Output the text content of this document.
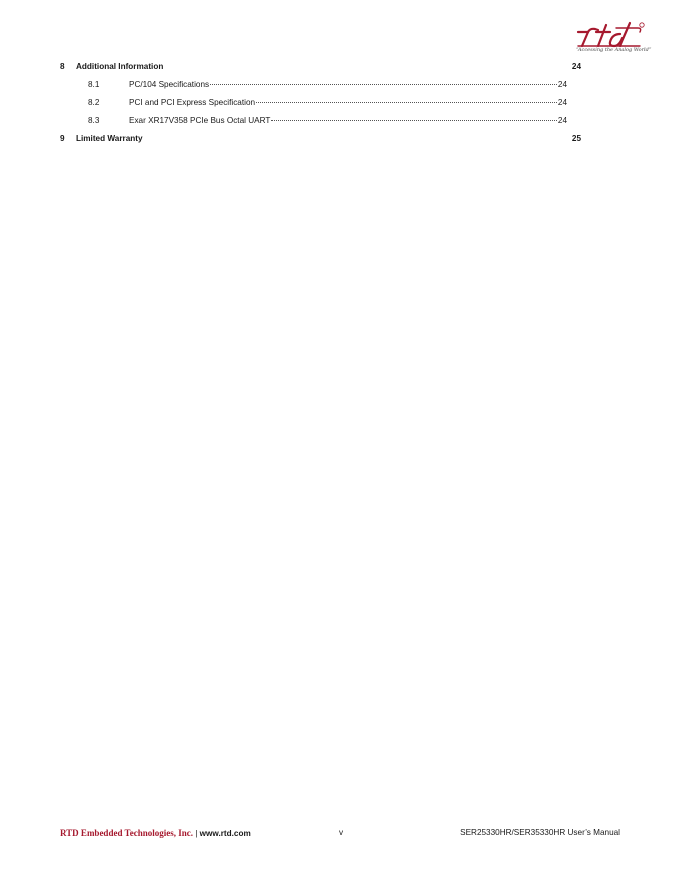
“Accessing the Analog World”
8 Additional Information	24
8.1	PC/104 Specifications	24
8.2	PCI and PCI Express Specification	24
8.3	Exar XR17V358 PCIe Bus Octal UART	24
9 Limited Warranty	25
RTD Embedded Technologies, Inc. | www.rtd.com	v	SER25330HR/SER35330HR User’s Manual
